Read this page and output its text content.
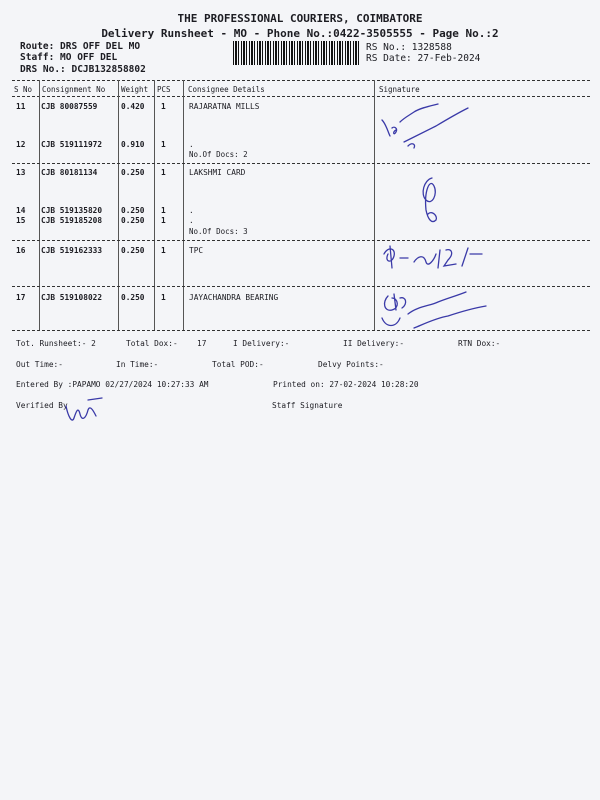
THE PROFESSIONAL COURIERS, COIMBATORE
Delivery Runsheet - MO - Phone No.:0422-3505555 - Page No.:2
Route: DRS OFF DEL MO
Staff: MO OFF DEL
DRS No.: DCJB132858802
RS No.: 1328588
RS Date: 27-Feb-2024
S No Consignment No Weight PCS Consignee Details	Signature
11 CJB 80087559	0.420 1	RAJARATNA MILLS
12 CJB 519111972 0.910 1	.
No.Of Docs: 2
13 CJB 80181134	0.250 1	LAKSHMI CARD
14 CJB 519135820 0.250 1	.
15 CJB 519185208 0.250 1	.
No.Of Docs: 3
16 CJB 519162333 0.250 1	TPC
17 CJB 519108022 0.250 1	JAYACHANDRA BEARING
Tot. Runsheet:- 2	Total Dox:- 17	I Delivery:-	II Delivery:-	RTN Dox:-
Out Time:-	In Time:-	Total POD:-	Delvy Points:-
Entered By :PAPAMO 02/27/2024 10:27:33 AM	Printed on: 27-02-2024 10:28:20
Verified By	Staff Signature
